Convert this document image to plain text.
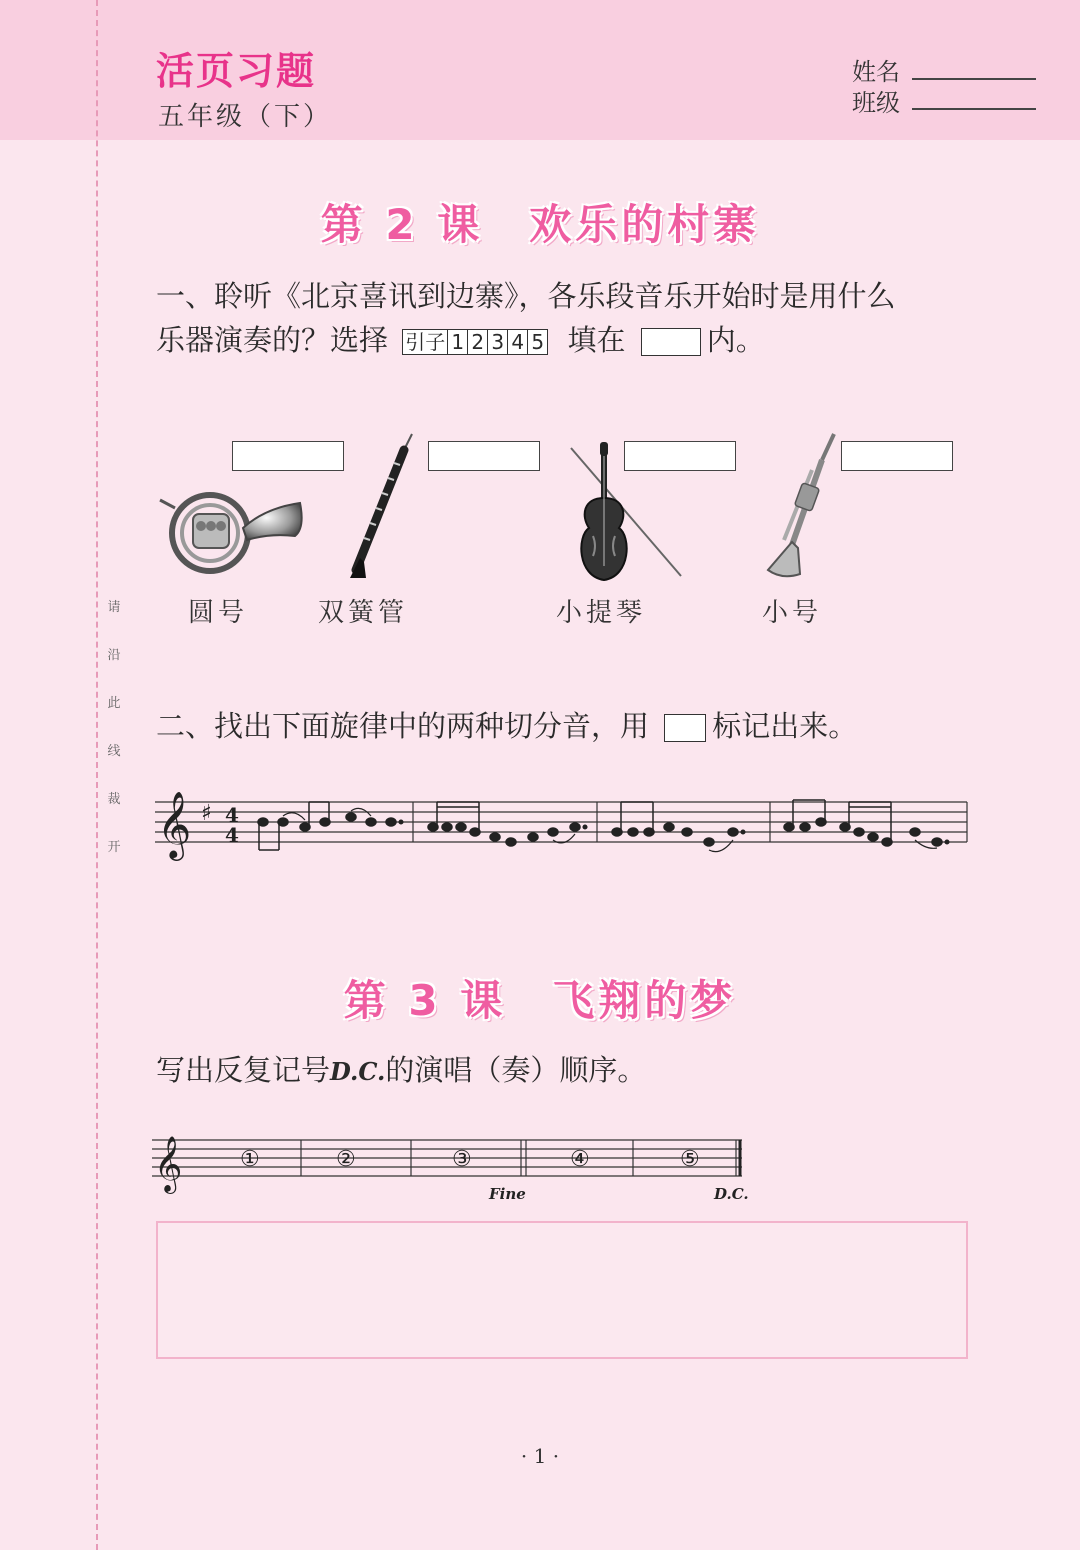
请
沿
此
线
裁
开
活页习题
五年级（下）
姓名
班级
第 2 课　欢乐的村寨
一、聆听《北京喜讯到边寨》，各乐段音乐开始时是用什么
乐器演奏的？选择 引子 1 2 3 4 5 填在	内。
圆号	双簧管	小提琴	小号
二、找出下面旋律中的两种切分音，用 标记出来。
𝄞 ♯ 4
4
第 3 课　飞翔的梦
写出反复记号D.C.的演唱（奏）顺序。
𝄞	①	②	③	④	⑤
Fine	D.C.
· 1 ·
